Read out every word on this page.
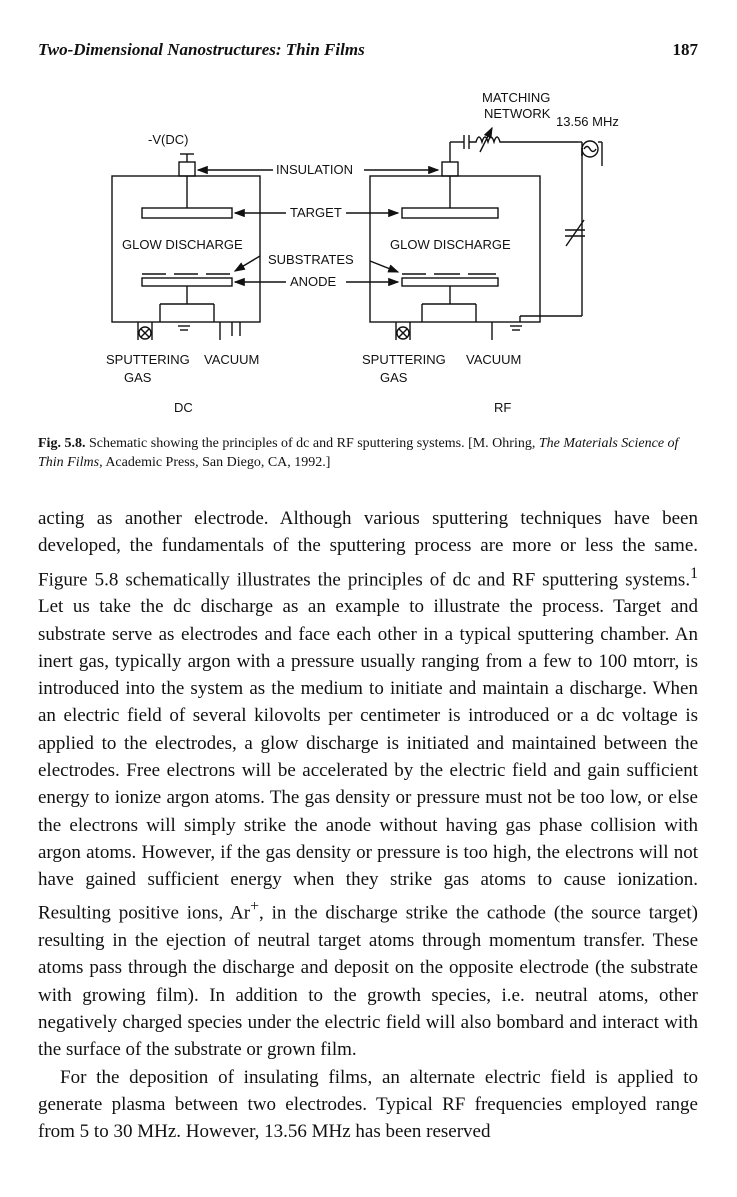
Two-Dimensional Nanostructures: Thin Films	187
MATCHING
NETWORK
13.56 MHz
-V(DC)
INSULATION
TARGET
GLOW DISCHARGE	GLOW DISCHARGE
SUBSTRATES
ANODE
SPUTTERING VACUUM
GAS
SPUTTERING VACUUM
GAS
DC	RF
Fig. 5.8. Schematic showing the principles of dc and RF sputtering systems. [M. Ohring, The Materials Science of Thin Films, Academic Press, San Diego, CA, 1992.]

acting as another electrode. Although various sputtering techniques have been developed, the fundamentals of the sputtering process are more or less the same. Figure 5.8 schematically illustrates the principles of dc and RF sputtering systems.$^1$ Let us take the dc discharge as an example to illustrate the process. Target and substrate serve as electrodes and face each other in a typical sputtering chamber. An inert gas, typically argon with a pressure usually ranging from a few to 100 mtorr, is introduced into the system as the medium to initiate and maintain a discharge. When an electric field of several kilovolts per centimeter is introduced or a dc voltage is applied to the electrodes, a glow discharge is initiated and maintained between the electrodes. Free electrons will be accelerated by the electric field and gain sufficient energy to ionize argon atoms. The gas density or pressure must not be too low, or else the electrons will simply strike the anode without having gas phase collision with argon atoms. However, if the gas density or pressure is too high, the electrons will not have gained sufficient energy when they strike gas atoms to cause ionization. Resulting positive ions, Ar+, in the discharge strike the cathode (the source target) resulting in the ejection of neutral target atoms through momentum transfer. These atoms pass through the discharge and deposit on the opposite electrode (the substrate with growing film). In addition to the growth species, i.e. neutral atoms, other negatively charged species under the electric field will also bombard and interact with the surface of the substrate or grown film.

For the deposition of insulating films, an alternate electric field is applied to generate plasma between two electrodes. Typical RF frequencies employed range from 5 to 30 MHz. However, 13.56 MHz has been reserved
